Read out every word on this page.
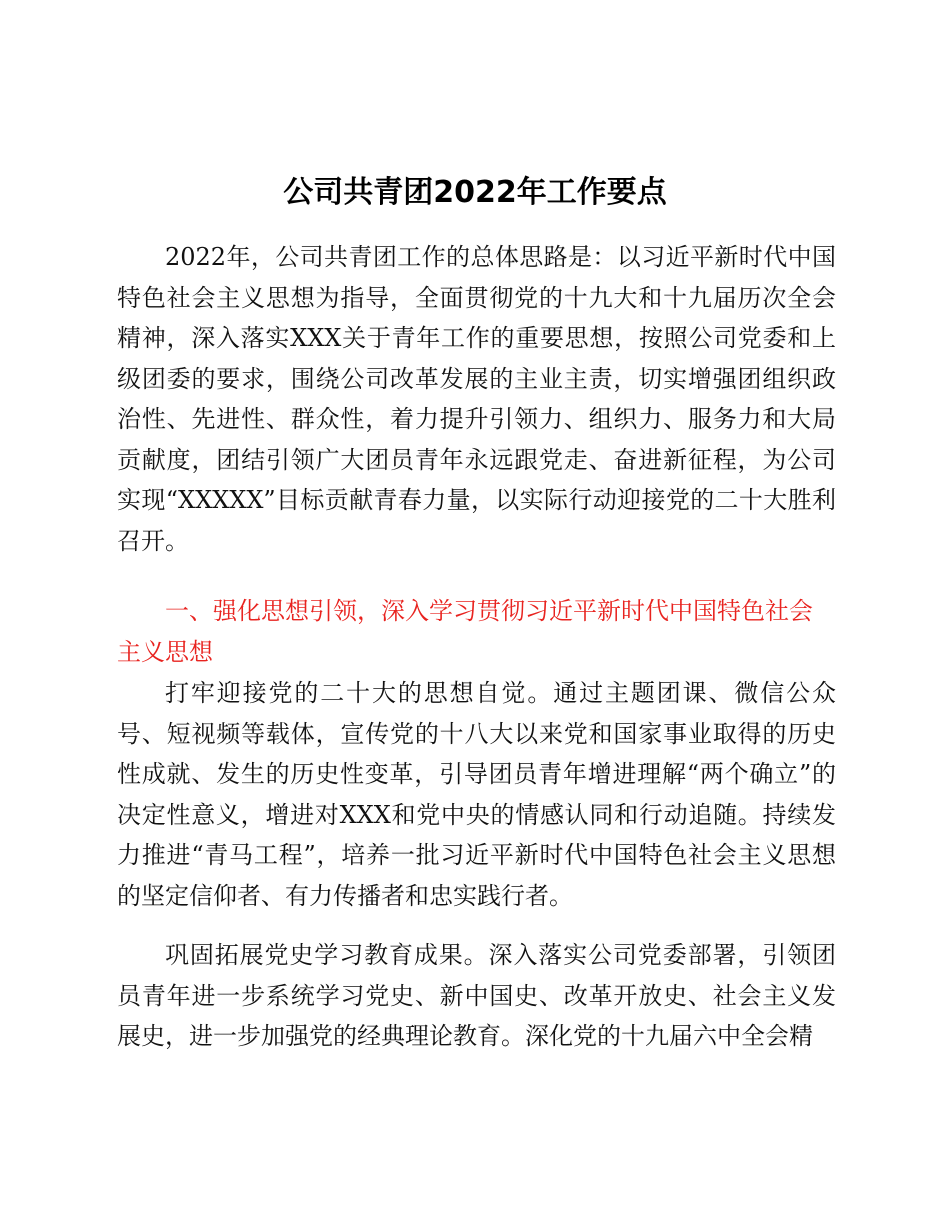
公司共青团2022年工作要点

2022年，公司共青团工作的总体思路是：以习近平新时代中国特色社会主义思想为指导，全面贯彻党的十九大和十九届历次全会精神，深入落实XXX关于青年工作的重要思想，按照公司党委和上级团委的要求，围绕公司改革发展的主业主责，切实增强团组织政治性、先进性、群众性，着力提升引领力、组织力、服务力和大局贡献度，团结引领广大团员青年永远跟党走、奋进新征程，为公司实现“XXXXX”目标贡献青春力量，以实际行动迎接党的二十大胜利召开。

一、强化思想引领，深入学习贯彻习近平新时代中国特色社会主义思想

打牢迎接党的二十大的思想自觉。通过主题团课、微信公众号、短视频等载体，宣传党的十八大以来党和国家事业取得的历史性成就、发生的历史性变革，引导团员青年增进理解“两个确立”的决定性意义，增进对XXX和党中央的情感认同和行动追随。持续发力推进“青马工程”，培养一批习近平新时代中国特色社会主义思想的坚定信仰者、有力传播者和忠实践行者。

巩固拓展党史学习教育成果。深入落实公司党委部署，引领团员青年进一步系统学习党史、新中国史、改革开放史、社会主义发展史，进一步加强党的经典理论教育。深化党的十九届六中全会精
